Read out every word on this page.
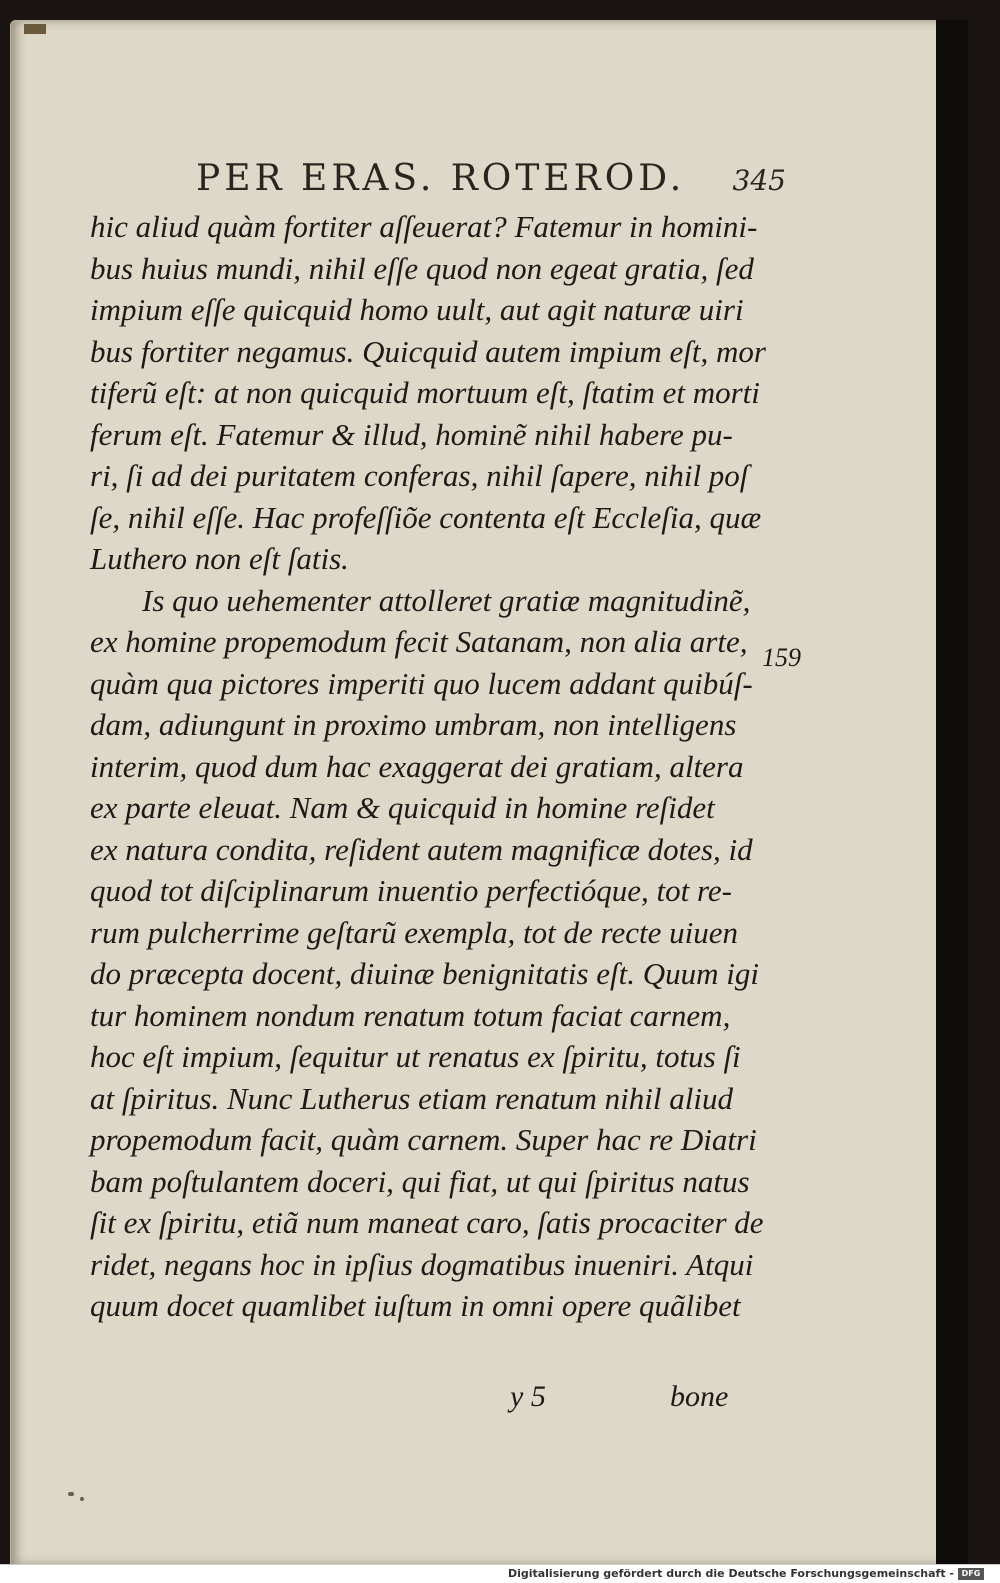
PER ERAS. ROTEROD. 345
hic aliud quàm fortiter aſſeuerat? Fatemur in homini-
bus huius mundi, nihil eſſe quod non egeat gratia, ſed
impium eſſe quicquid homo uult, aut agit naturæ uiri
bus fortiter negamus. Quicquid autem impium eſt, mor
tiferũ eſt: at non quicquid mortuum eſt, ſtatim et morti
ferum eſt. Fatemur & illud, hominẽ nihil habere pu-
ri, ſi ad dei puritatem conferas, nihil ſapere, nihil poſ
ſe, nihil eſſe. Hac profeſſiõe contenta eſt Eccleſia, quæ
Luthero non eſt ſatis.
Is quo uehementer attolleret gratiæ magnitudinẽ,
ex homine propemodum fecit Satanam, non alia arte,
quàm qua pictores imperiti quo lucem addant quibúſ-
dam, adiungunt in proximo umbram, non intelligens
interim, quod dum hac exaggerat dei gratiam, altera
ex parte eleuat. Nam & quicquid in homine reſidet
ex natura condita, reſident autem magnificæ dotes, id
quod tot diſciplinarum inuentio perfectióque, tot re-
rum pulcherrime geſtarũ exempla, tot de recte uiuen
do præcepta docent, diuinæ benignitatis eſt. Quum igi
tur hominem nondum renatum totum faciat carnem,
hoc eſt impium, ſequitur ut renatus ex ſpiritu, totus ſi
at ſpiritus. Nunc Lutherus etiam renatum nihil aliud
propemodum facit, quàm carnem. Super hac re Diatri
bam poſtulantem doceri, qui fiat, ut qui ſpiritus natus
ſit ex ſpiritu, etiã num maneat caro, ſatis procaciter de
ridet, negans hoc in ipſius dogmatibus inueniri. Atqui
quum docet quamlibet iuſtum in omni opere quãlibet
159
y 5	bone
Digitalisierung gefördert durch die Deutsche Forschungsgemeinschaft - DFG
